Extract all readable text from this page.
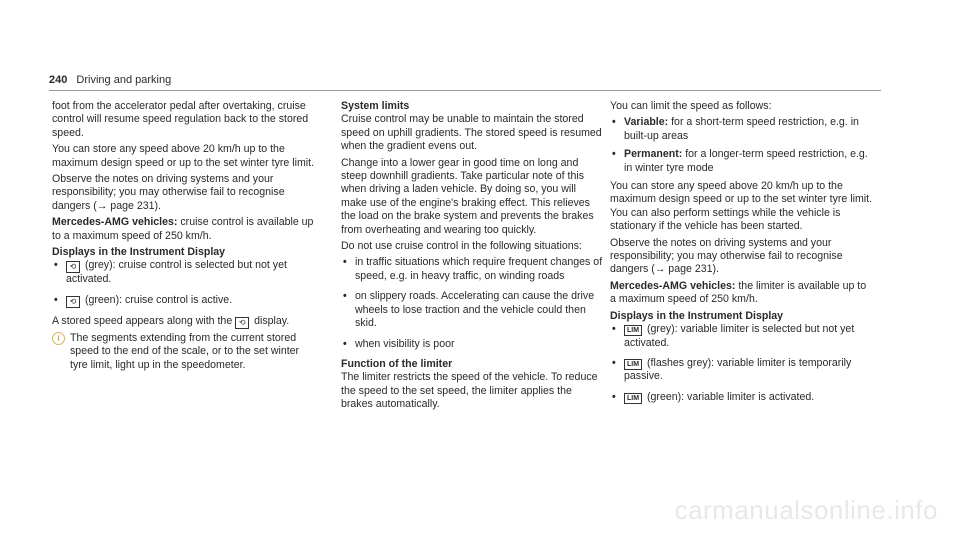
240 Driving and parking

foot from the accelerator pedal after overtaking, cruise control will resume speed regulation back to the stored speed.

You can store any speed above 20 km/h up to the maximum design speed or up to the set winter tyre limit.

Observe the notes on driving systems and your responsibility; you may otherwise fail to recognise dangers (→ page 231).

Mercedes-AMG vehicles: cruise control is available up to a maximum speed of 250 km/h.

Displays in the Instrument Display
• ⟲ (grey): cruise control is selected but not yet activated.
• ⟲ (green): cruise control is active.

A stored speed appears along with the ⟲ display.

i The segments extending from the current stored speed to the end of the scale, or to the set winter tyre limit, light up in the speedometer.
System limits

Cruise control may be unable to maintain the stored speed on uphill gradients. The stored speed is resumed when the gradient evens out.

Change into a lower gear in good time on long and steep downhill gradients. Take particular note of this when driving a laden vehicle. By doing so, you will make use of the engine's braking effect. This relieves the load on the brake system and prevents the brakes from overheating and wearing too quickly.

Do not use cruise control in the following situations:

• in traffic situations which require frequent changes of speed, e.g. in heavy traffic, on winding roads
• on slippery roads. Accelerating can cause the drive wheels to lose traction and the vehicle could then skid.
• when visibility is poor
Function of the limiter

The limiter restricts the speed of the vehicle. To reduce the speed to the set speed, the limiter applies the brakes automatically.

You can limit the speed as follows:

• Variable: for a short-term speed restriction, e.g. in built-up areas
• Permanent: for a longer-term speed restriction, e.g. in winter tyre mode

You can store any speed above 20 km/h up to the maximum design speed or up to the set winter tyre limit. You can also perform settings while the vehicle is stationary if the vehicle has been started.

Observe the notes on driving systems and your responsibility; you may otherwise fail to recognise dangers (→ page 231).

Mercedes-AMG vehicles: the limiter is available up to a maximum speed of 250 km/h.

Displays in the Instrument Display
• LIM (grey): variable limiter is selected but not yet activated.
• LIM (flashes grey): variable limiter is temporarily passive.
• LIM (green): variable limiter is activated.
carmanualsonline.info
